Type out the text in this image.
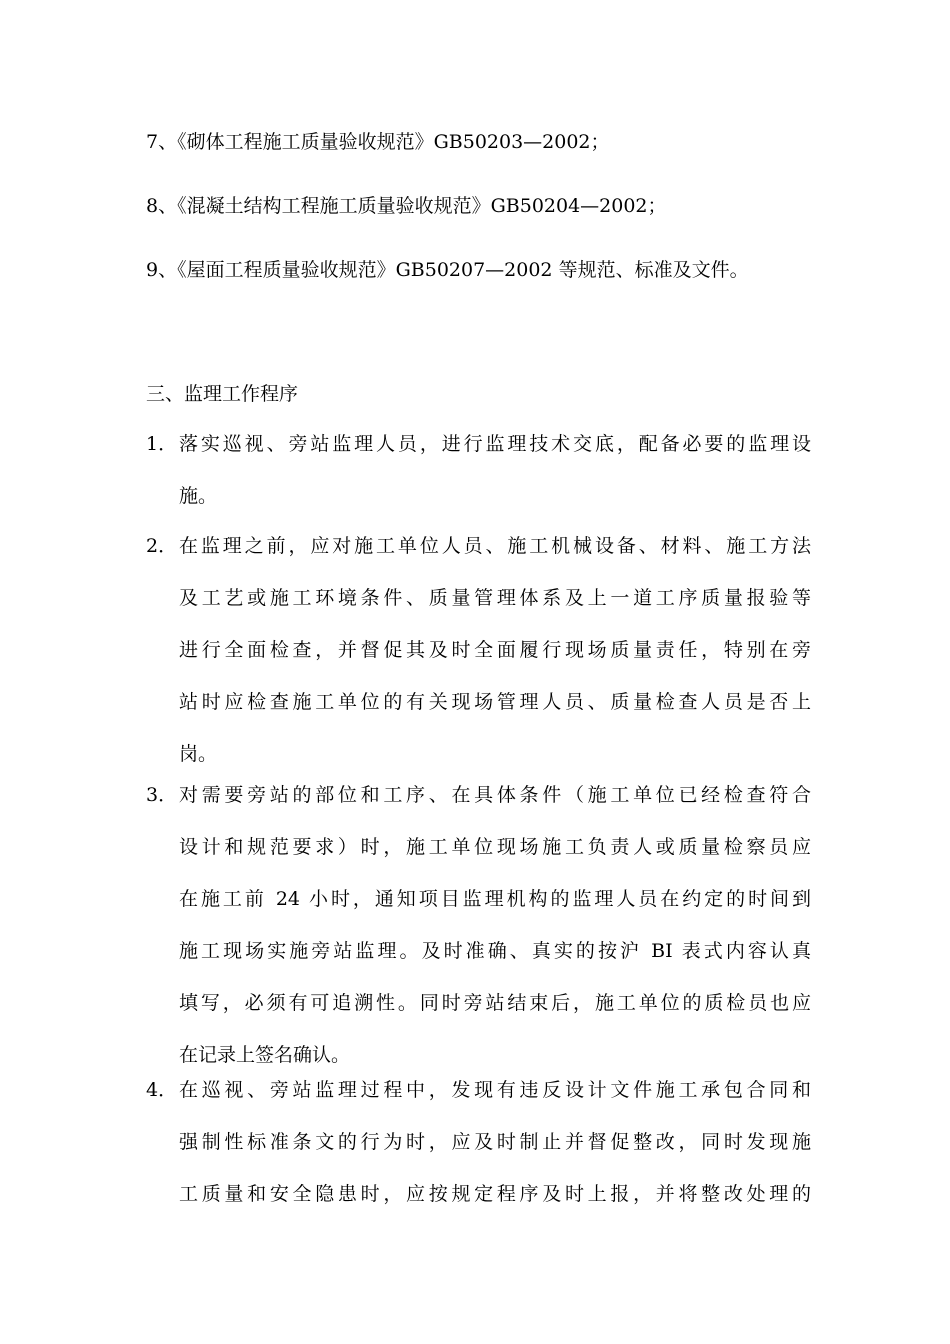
7、《砌体工程施工质量验收规范》GB50203—2002；
8、《混凝土结构工程施工质量验收规范》GB50204—2002；
9、《屋面工程质量验收规范》GB50207—2002 等规范、标准及文件。
三、监理工作程序
1． 落实巡视、旁站监理人员，进行监理技术交底，配备必要的监理设
施。
2． 在监理之前，应对施工单位人员、施工机械设备、材料、施工方法
及工艺或施工环境条件、质量管理体系及上一道工序质量报验等
进行全面检查，并督促其及时全面履行现场质量责任，特别在旁
站时应检查施工单位的有关现场管理人员、质量检查人员是否上
岗。
3． 对需要旁站的部位和工序、在具体条件（施工单位已经检查符合
设计和规范要求）时，施工单位现场施工负责人或质量检察员应
在施工前 24 小时，通知项目监理机构的监理人员在约定的时间到
施工现场实施旁站监理。及时准确、真实的按沪 BI 表式内容认真
填写，必须有可追溯性。同时旁站结束后，施工单位的质检员也应
在记录上签名确认。
4． 在巡视、旁站监理过程中，发现有违反设计文件施工承包合同和
强制性标准条文的行为时，应及时制止并督促整改，同时发现施
工质量和安全隐患时，应按规定程序及时上报，并将整改处理的
